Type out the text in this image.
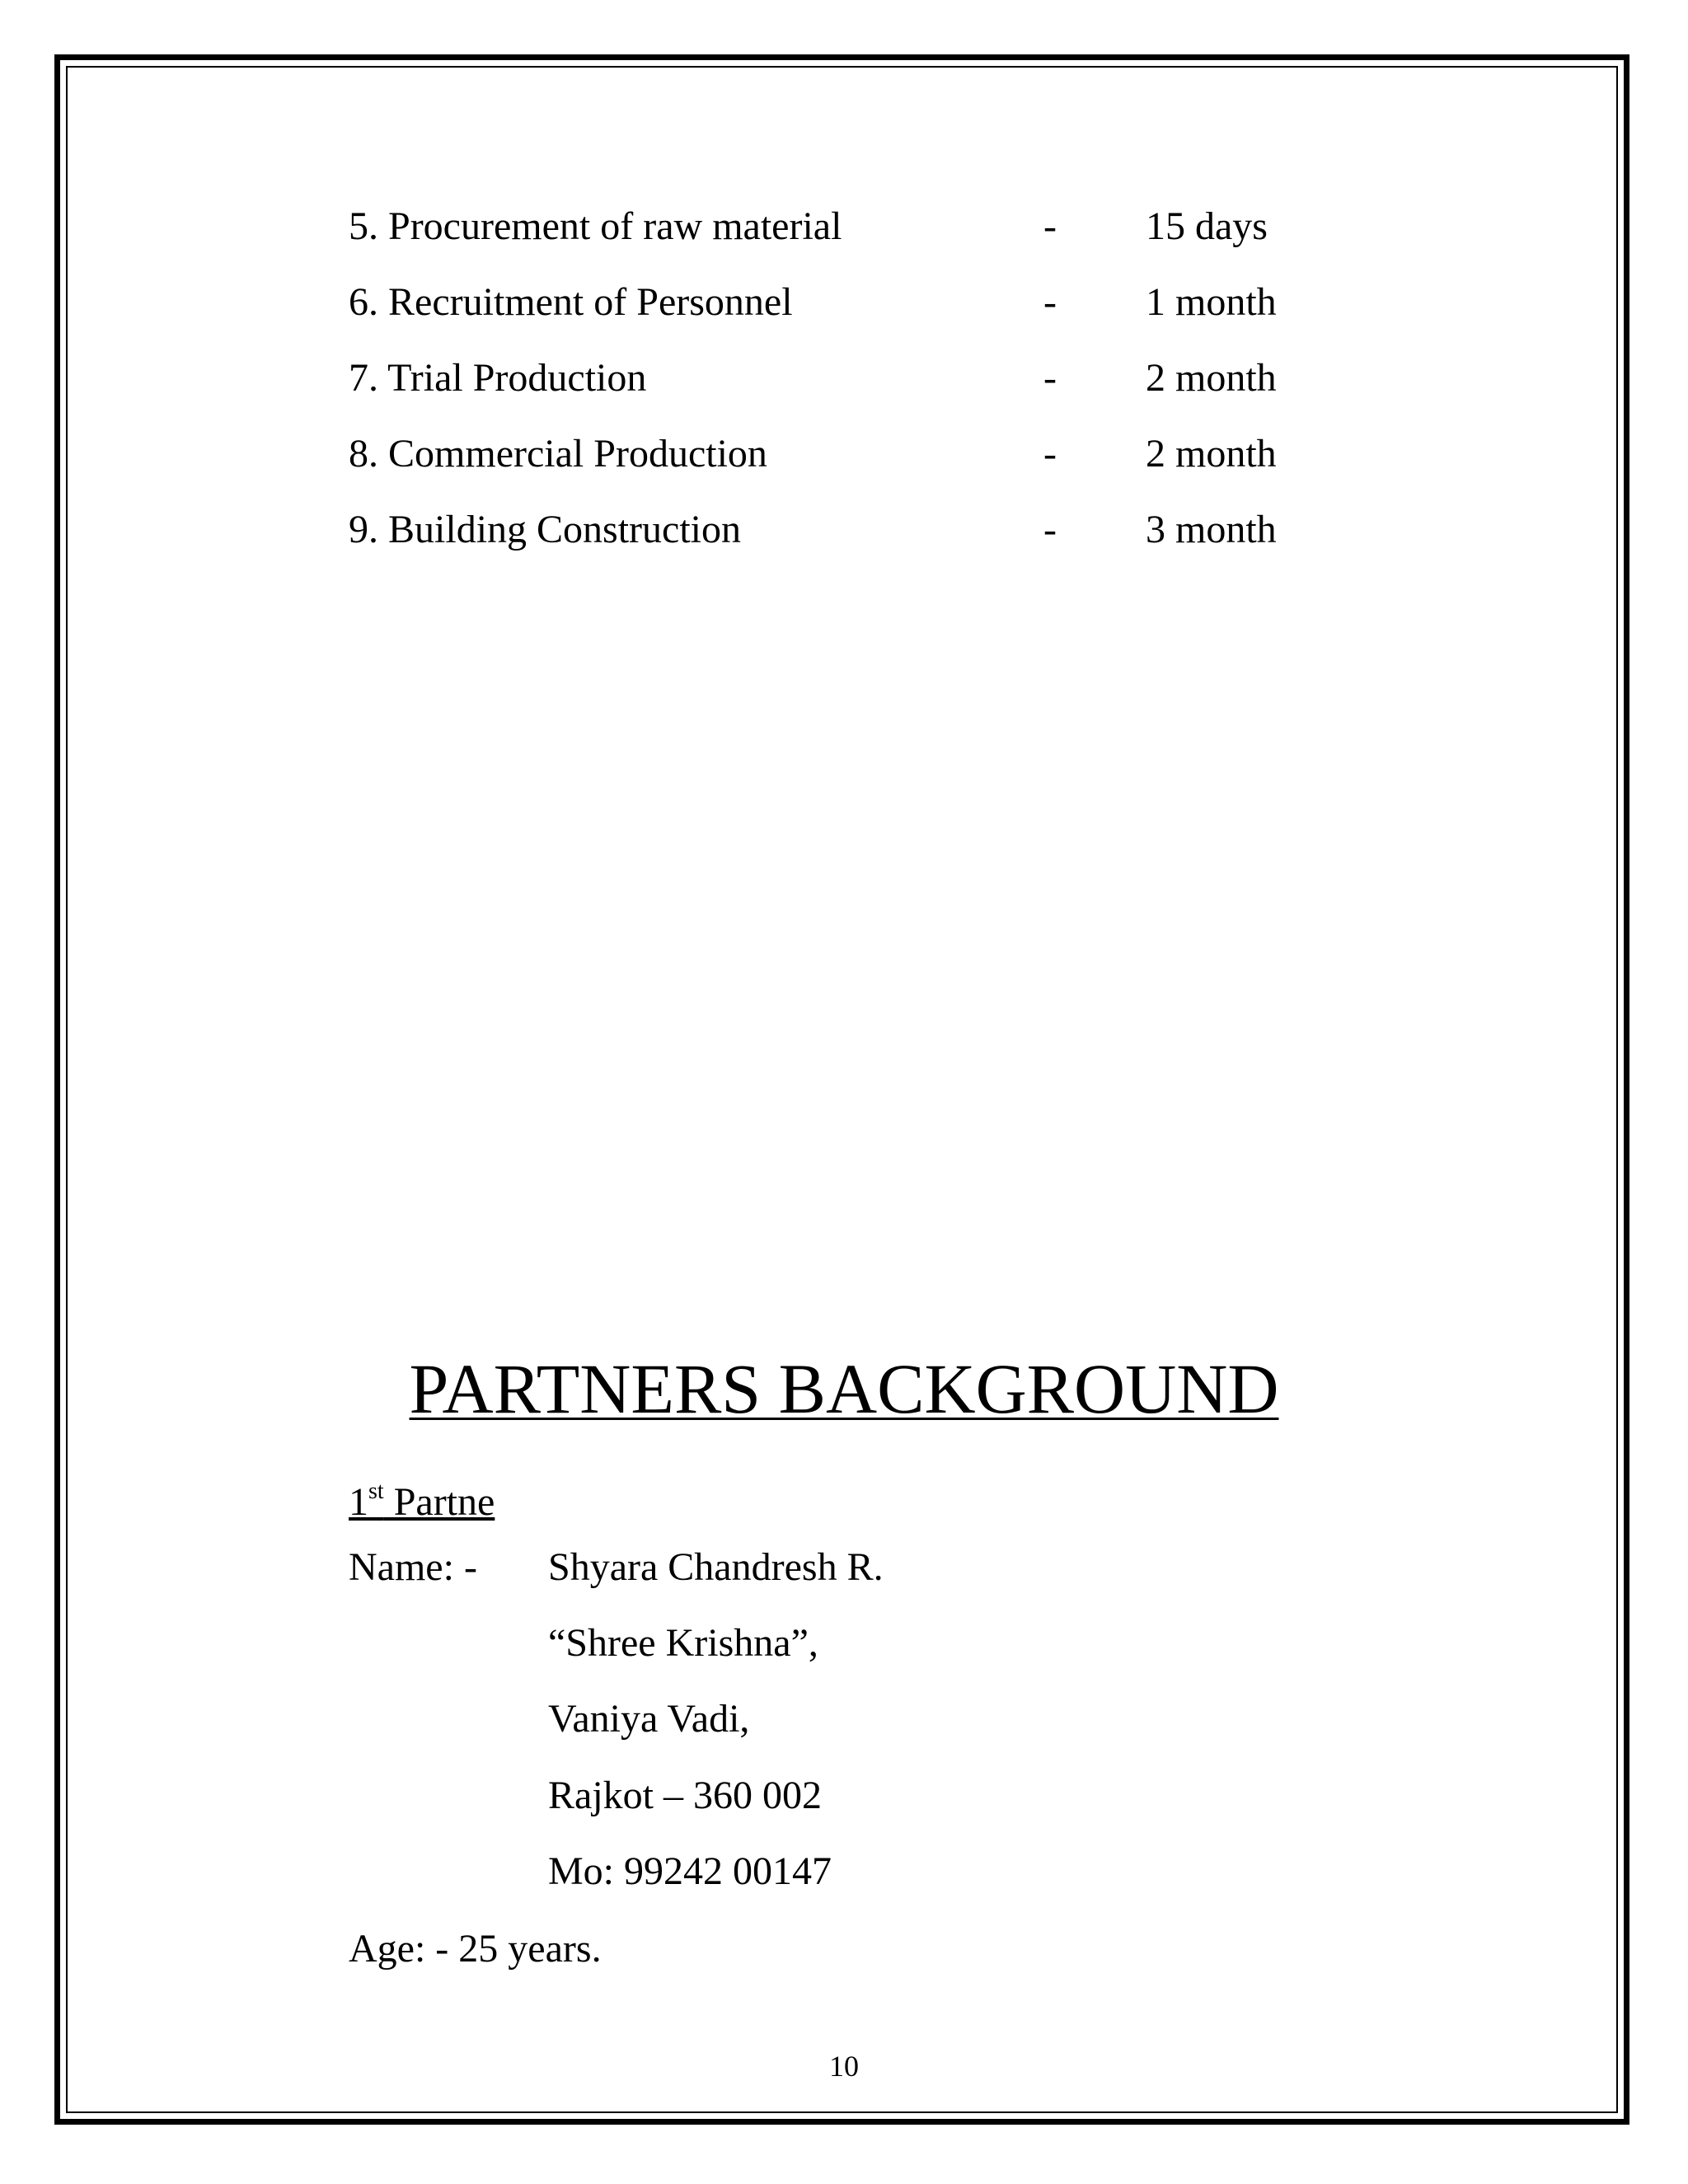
5. Procurement of raw material	- 15 days
6. Recruitment of Personnel	- 1 month
7. Trial Production	- 2 month
8. Commercial Production	- 2 month
9. Building Construction	- 3 month
PARTNERS BACKGROUND
1st Partne
Name: - Shyara Chandresh R.
“Shree Krishna”,
Vaniya Vadi,
Rajkot – 360 002
Mo: 99242 00147
Age: - 25 years.
10
